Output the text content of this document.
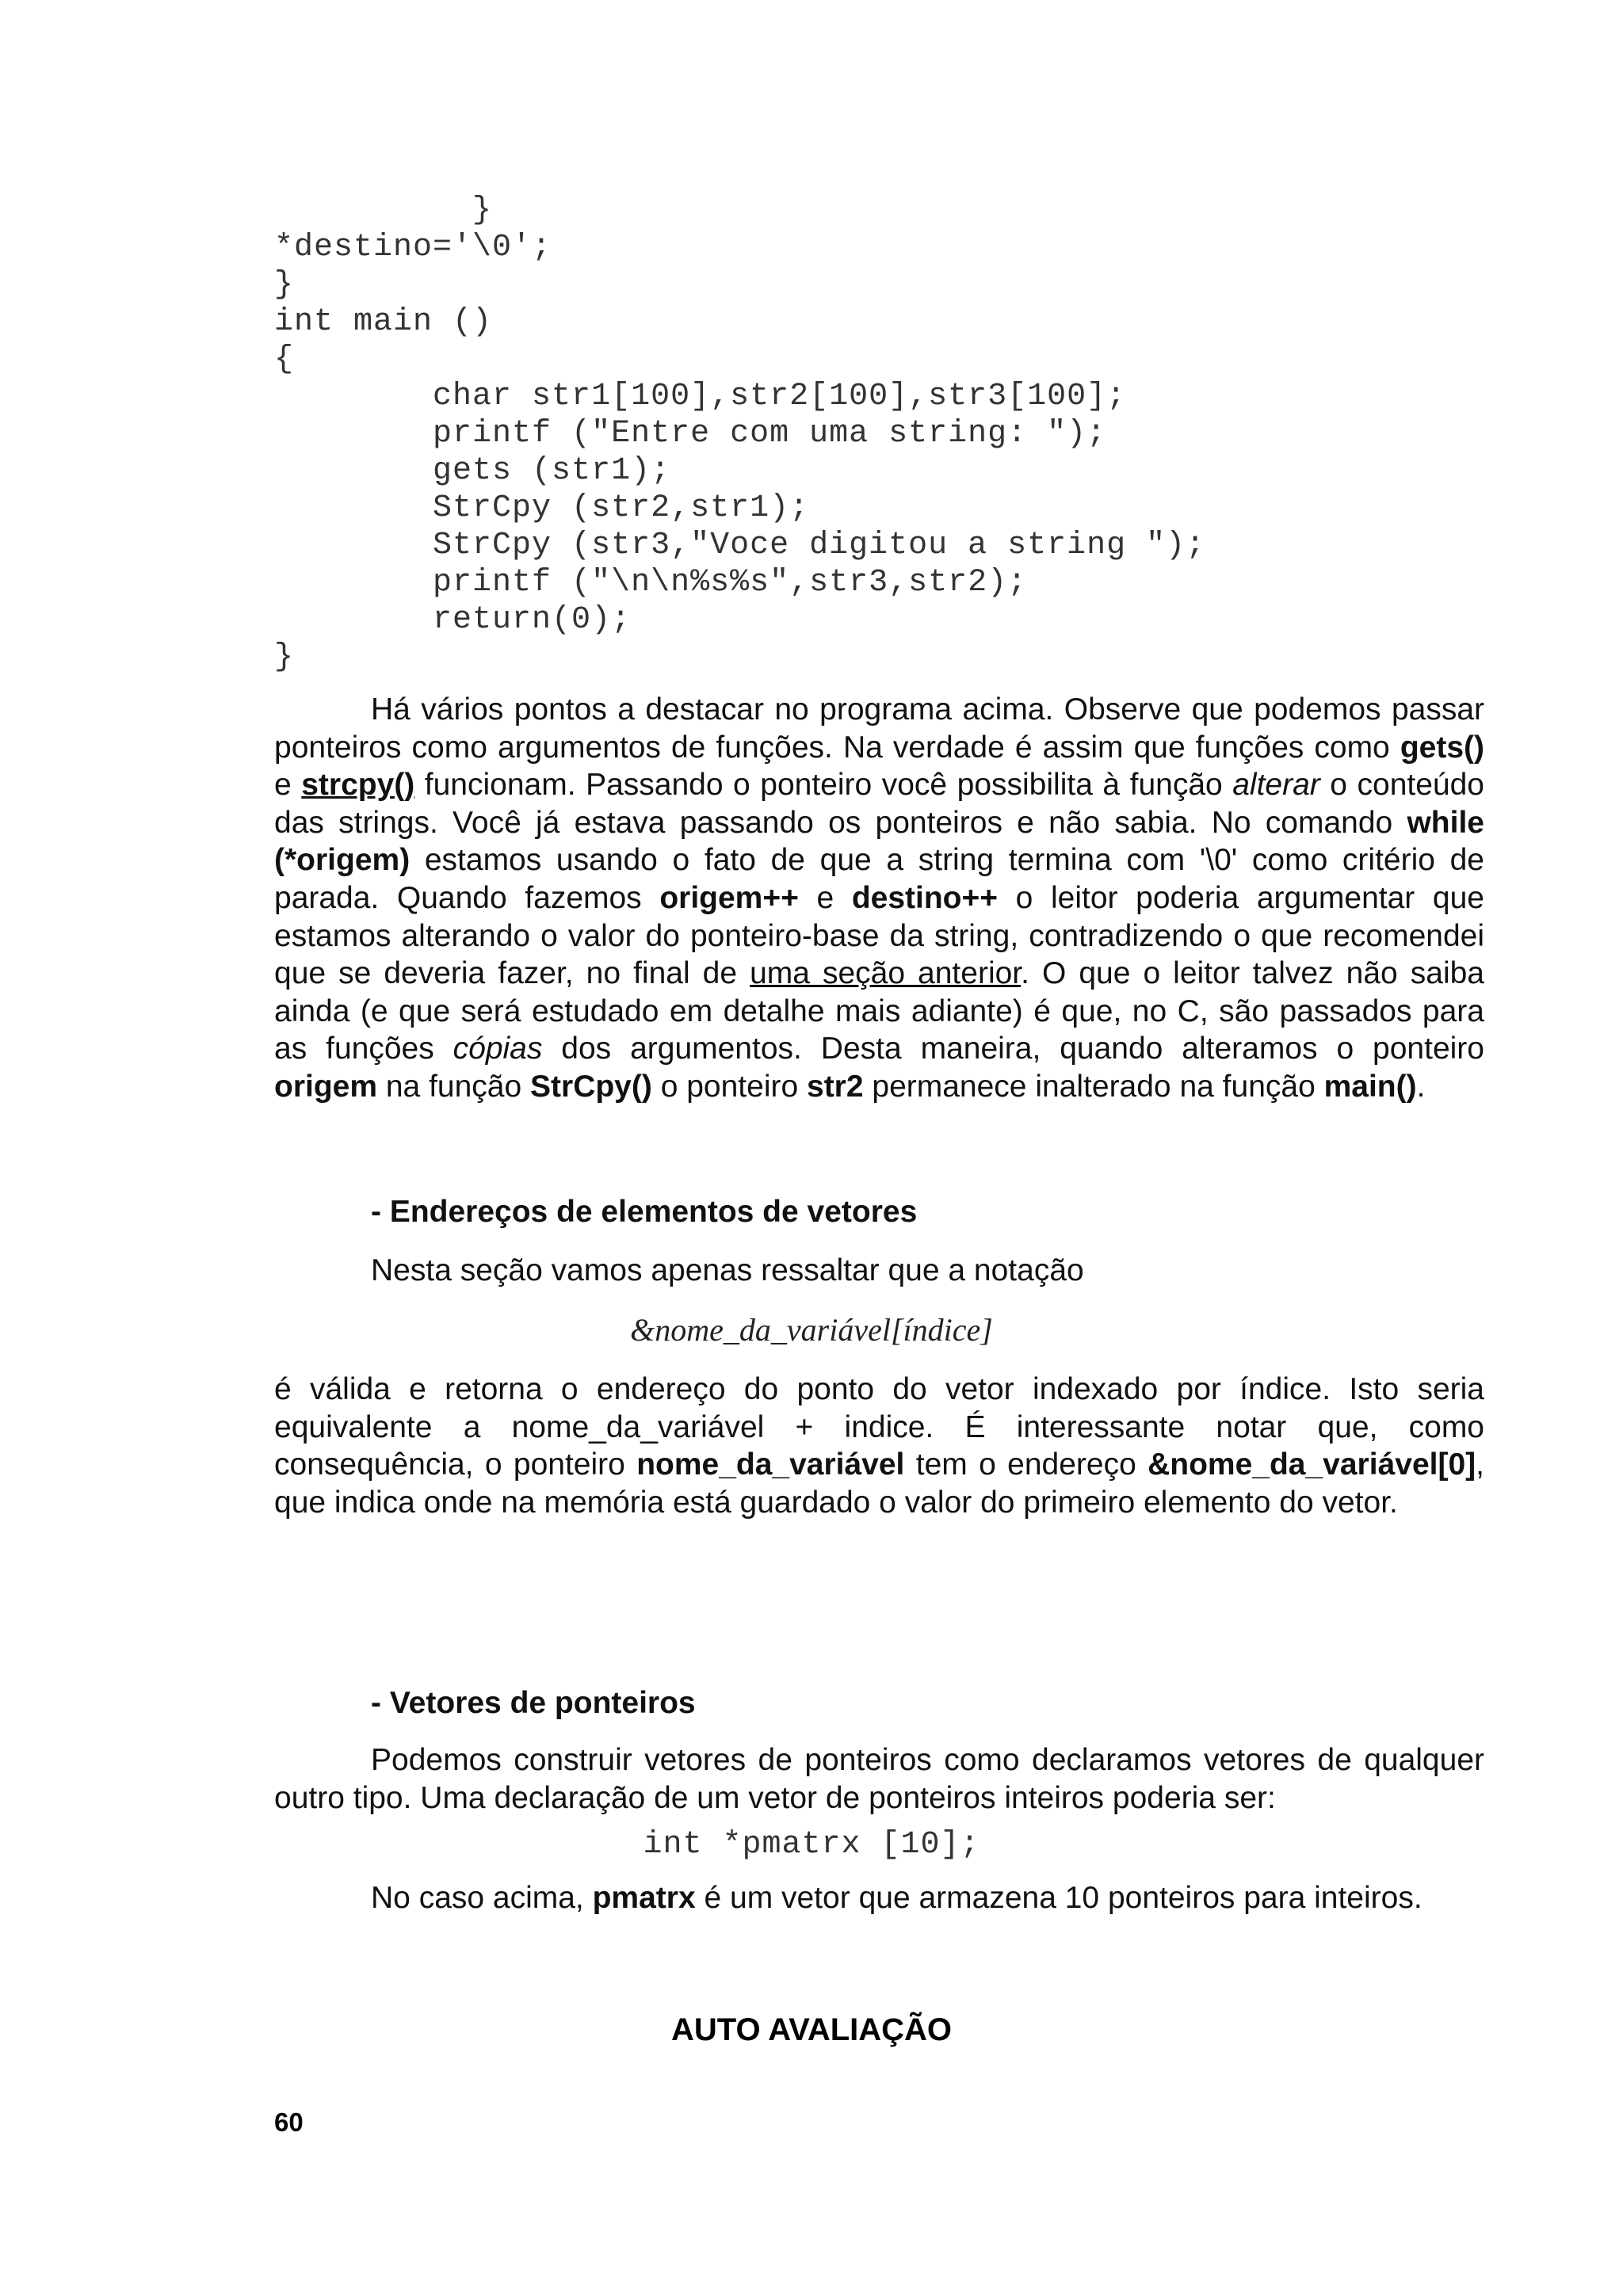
}
*destino='\0';
}
int main ()
{
char str1[100],str2[100],str3[100];
printf ("Entre com uma string: ");
gets (str1);
StrCpy (str2,str1);
StrCpy (str3,"Voce digitou a string ");
printf ("\n\n%s%s",str3,str2);
return(0);
}

Há vários pontos a destacar no programa acima. Observe que podemos passar ponteiros como argumentos de funções. Na verdade é assim que funções como gets() e strcpy() funcionam. Passando o ponteiro você possibilita à função alterar o conteúdo das strings. Você já estava passando os ponteiros e não sabia. No comando while (*origem) estamos usando o fato de que a string termina com '\0' como critério de parada. Quando fazemos origem++ e destino++ o leitor poderia argumentar que estamos alterando o valor do ponteiro-base da string, contradizendo o que recomendei que se deveria fazer, no final de uma seção anterior. O que o leitor talvez não saiba ainda (e que será estudado em detalhe mais adiante) é que, no C, são passados para as funções cópias dos argumentos. Desta maneira, quando alteramos o ponteiro origem na função StrCpy() o ponteiro str2 permanece inalterado na função main().

- Endereços de elementos de vetores

Nesta seção vamos apenas ressaltar que a notação

&nome_da_variável[índice]

é válida e retorna o endereço do ponto do vetor indexado por índice. Isto seria equivalente a nome_da_variável + indice. É interessante notar que, como consequência, o ponteiro nome_da_variável tem o endereço &nome_da_variável[0], que indica onde na memória está guardado o valor do primeiro elemento do vetor.

- Vetores de ponteiros

Podemos construir vetores de ponteiros como declaramos vetores de qualquer outro tipo. Uma declaração de um vetor de ponteiros inteiros poderia ser:

int *pmatrx [10];

No caso acima, pmatrx é um vetor que armazena 10 ponteiros para inteiros.

AUTO AVALIAÇÃO

60
